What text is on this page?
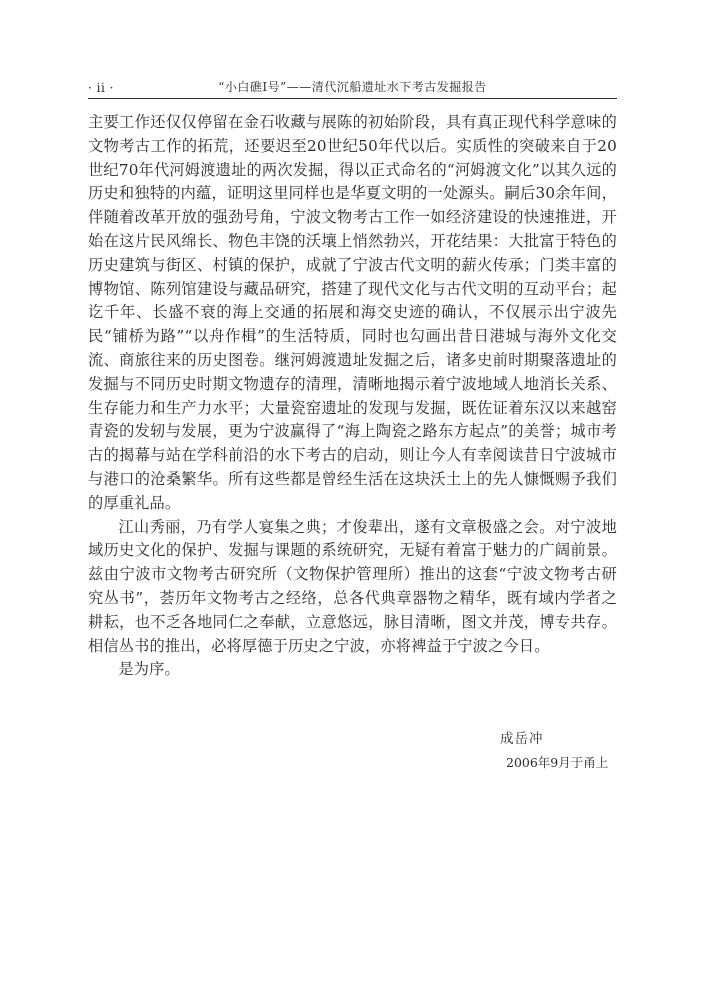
· ii ·	“小白礁Ⅰ号”——清代沉船遗址水下考古发掘报告

主要工作还仅仅停留在金石收藏与展陈的初始阶段，具有真正现代科学意味的文物考古工作的拓荒，还要迟至20世纪50年代以后。实质性的突破来自于20世纪70年代河姆渡遗址的两次发掘，得以正式命名的“河姆渡文化”以其久远的历史和独特的内蕴，证明这里同样也是华夏文明的一处源头。嗣后30余年间，伴随着改革开放的强劲号角，宁波文物考古工作一如经济建设的快速推进，开始在这片民风绵长、物色丰饶的沃壤上悄然勃兴，开花结果：大批富于特色的历史建筑与街区、村镇的保护，成就了宁波古代文明的薪火传承；门类丰富的博物馆、陈列馆建设与藏品研究，搭建了现代文化与古代文明的互动平台；起讫千年、长盛不衰的海上交通的拓展和海交史迹的确认，不仅展示出宁波先民“铺桥为路”“以舟作楫”的生活特质，同时也勾画出昔日港城与海外文化交流、商旅往来的历史图卷。继河姆渡遗址发掘之后，诸多史前时期聚落遗址的发掘与不同历史时期文物遗存的清理，清晰地揭示着宁波地域人地消长关系、生存能力和生产力水平；大量瓷窑遗址的发现与发掘，既佐证着东汉以来越窑青瓷的发轫与发展，更为宁波赢得了“海上陶瓷之路东方起点”的美誉；城市考古的揭幕与站在学科前沿的水下考古的启动，则让今人有幸阅读昔日宁波城市与港口的沧桑繁华。所有这些都是曾经生活在这块沃土上的先人慷慨赐予我们的厚重礼品。

江山秀丽，乃有学人宴集之典；才俊辈出，遂有文章极盛之会。对宁波地域历史文化的保护、发掘与课题的系统研究，无疑有着富于魅力的广阔前景。兹由宁波市文物考古研究所（文物保护管理所）推出的这套“宁波文物考古研究丛书”，荟历年文物考古之经络，总各代典章器物之精华，既有域内学者之耕耘，也不乏各地同仁之奉献，立意悠远，脉目清晰，图文并茂，博专共存。相信丛书的推出，必将厚德于历史之宁波，亦将裨益于宁波之今日。

是为序。

成岳冲
2006年9月于甬上
